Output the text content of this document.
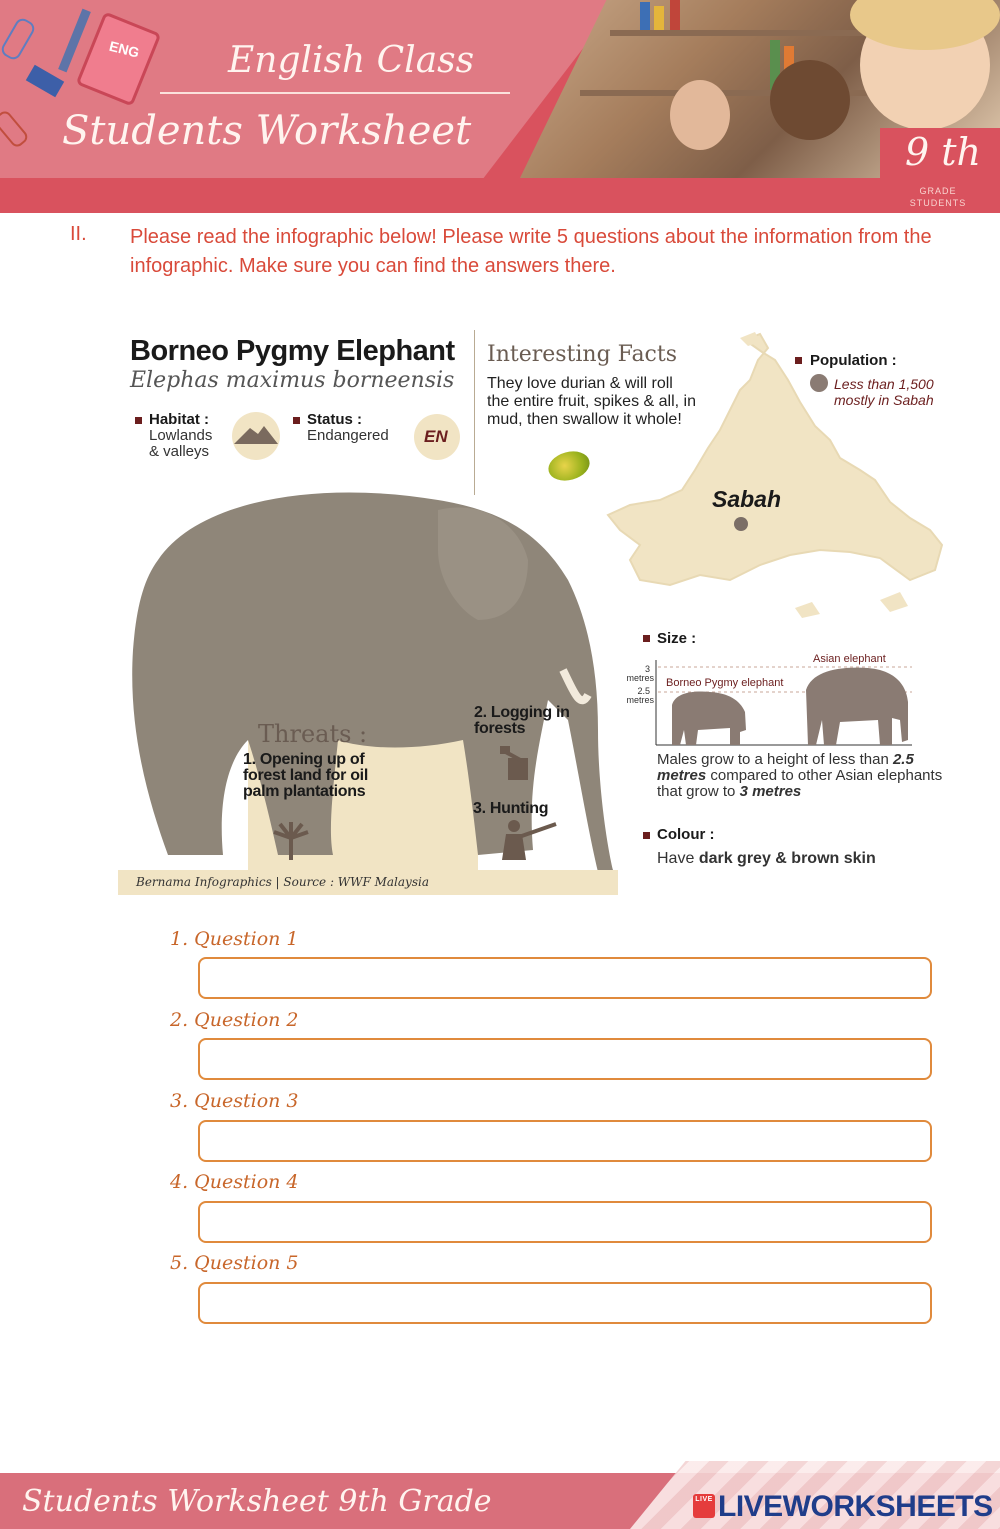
ENG English Class
Students Worksheet	9 th
GRADE STUDENTS
II. Please read the infographic below! Please write 5 questions about the information from the infographic. Make sure you can find the answers there.
Borneo Pygmy Elephant
Elephas maximus borneensis
Habitat :
Lowlands
& valleys
Status :
Endangered EN
Interesting Facts
They love durian & will roll the entire fruit, spikes & all, in mud, then swallow it whole!
Population :
Less than 1,500 mostly in Sabah
Sabah
Bernama Infographics | Source : WWF Malaysia
Threats :
1. Opening up of forest land for oil palm plantations
2. Logging in forests
3. Hunting
Size :
3
metres
2.5
metres
Borneo Pygmy elephant
Asian elephant
Males grow to a height of less than 2.5 metres compared to other Asian elephants that grow to 3 metres
Colour :
Have dark grey & brown skin
1. Question 1
2. Question 2
3. Question 3
4. Question 4
5. Question 5
Students Worksheet 9th Grade	LIVE LIVEWORKSHEETS
